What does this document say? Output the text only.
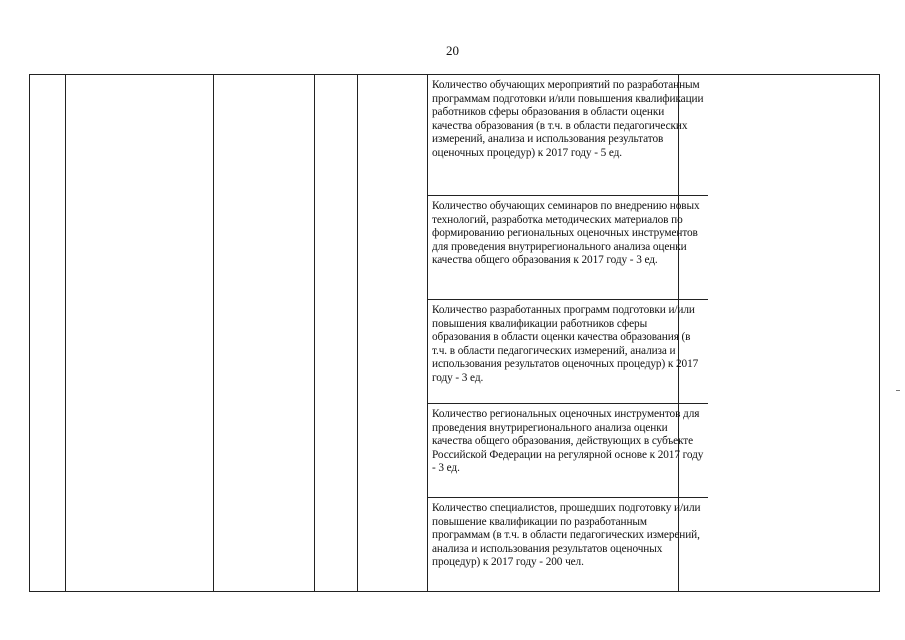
20
Количество обучающих мероприятий по разработанным программам подготовки и/или повышения квалификации работников сферы образования в области оценки качества образования (в т.ч. в области педагогических измерений, анализа и использования результатов оценочных процедур) к 2017 году - 5 ед.
Количество обучающих семинаров по внедрению новых технологий, разработка методических материалов по формированию региональных оценочных инструментов для проведения внутрирегионального анализа оценки качества общего образования к 2017 году - 3 ед.
Количество разработанных программ подготовки и/или повышения квалификации работников сферы образования в области оценки качества образования (в т.ч. в области педагогических измерений, анализа и использования результатов оценочных процедур) к 2017 году - 3 ед.
Количество региональных оценочных инструментов для проведения внутрирегионального анализа оценки качества общего образования, действующих в субъекте Российской Федерации на регулярной основе к 2017 году - 3 ед.
Количество специалистов, прошедших подготовку и/или повышение квалификации по разработанным программам (в т.ч. в области педагогических измерений, анализа и использования результатов оценочных процедур) к 2017 году - 200 чел.
